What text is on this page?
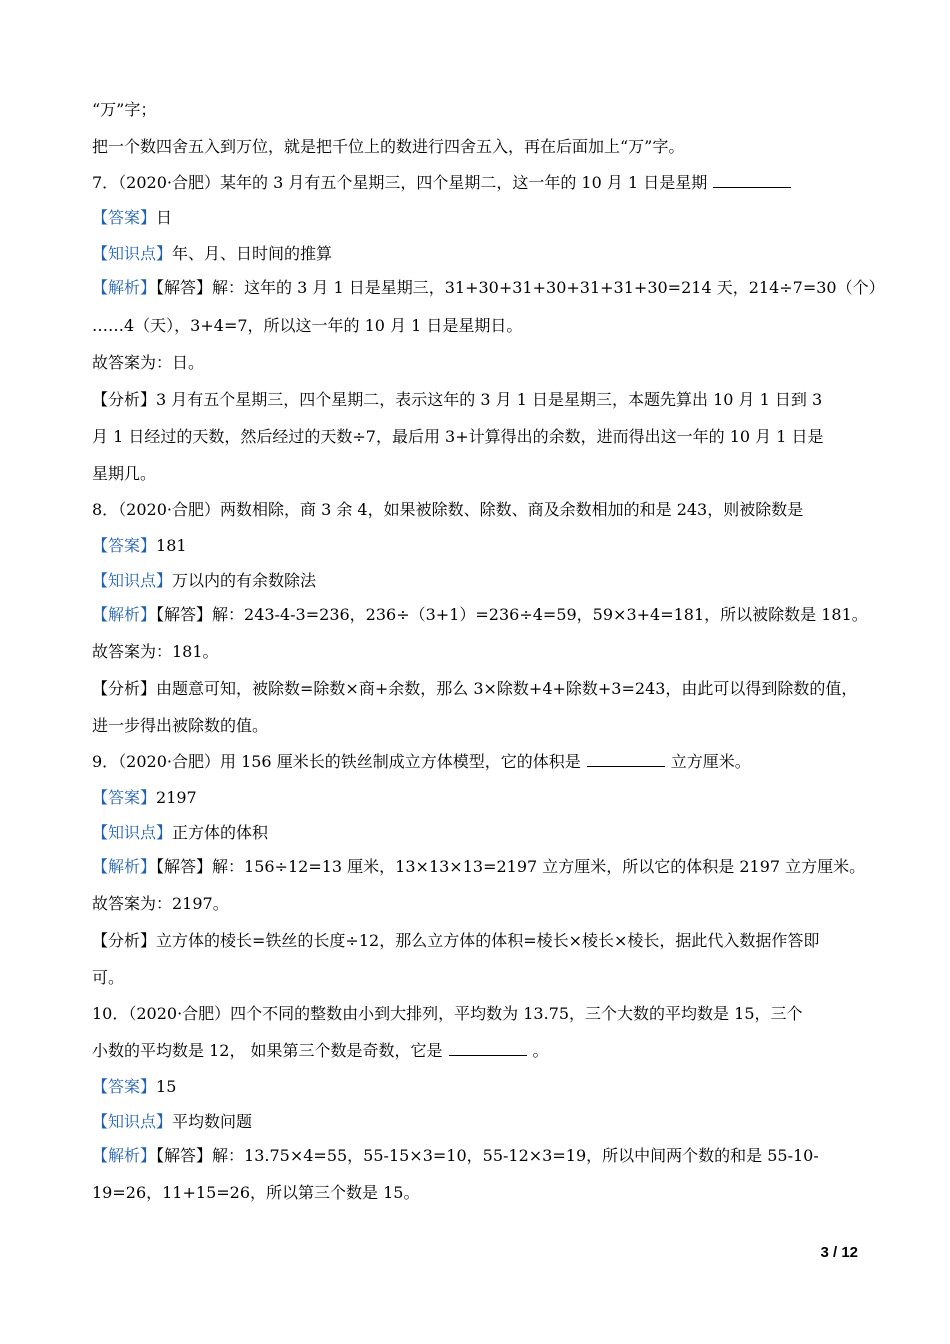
“万”字；
把一个数四舍五入到万位，就是把千位上的数进行四舍五入，再在后面加上“万”字。
7．（2020·合肥）某年的 3 月有五个星期三，四个星期二，这一年的 10 月 1 日是星期
【答案】日
【知识点】年、月、日时间的推算
【解析】【解答】解：这年的 3 月 1 日是星期三，31+30+31+30+31+31+30=214 天，214÷7=30（个）
……4（天），3+4=7，所以这一年的 10 月 1 日是星期日。
故答案为：日。
【分析】3 月有五个星期三，四个星期二，表示这年的 3 月 1 日是星期三，本题先算出 10 月 1 日到 3
月 1 日经过的天数，然后经过的天数÷7，最后用 3+计算得出的余数，进而得出这一年的 10 月 1 日是
星期几。
8．（2020·合肥）两数相除，商 3 余 4，如果被除数、除数、商及余数相加的和是 243，则被除数是
【答案】181
【知识点】万以内的有余数除法
【解析】【解答】解：243-4-3=236，236÷（3+1）=236÷4=59，59×3+4=181，所以被除数是 181。
故答案为：181。
【分析】由题意可知，被除数=除数×商+余数，那么 3×除数+4+除数+3=243，由此可以得到除数的值，
进一步得出被除数的值。
9．（2020·合肥）用 156 厘米长的铁丝制成立方体模型，它的体积是	立方厘米。
【答案】2197
【知识点】正方体的体积
【解析】【解答】解：156÷12=13 厘米，13×13×13=2197 立方厘米，所以它的体积是 2197 立方厘米。
故答案为：2197。
【分析】立方体的棱长=铁丝的长度÷12，那么立方体的体积=棱长×棱长×棱长，据此代入数据作答即
可。
10．（2020·合肥）四个不同的整数由小到大排列，平均数为 13.75，三个大数的平均数是 15，三个
小数的平均数是 12， 如果第三个数是奇数，它是	。
【答案】15
【知识点】平均数问题
【解析】【解答】解：13.75×4=55，55-15×3=10，55-12×3=19，所以中间两个数的和是 55-10-
19=26，11+15=26，所以第三个数是 15。
3 / 12
